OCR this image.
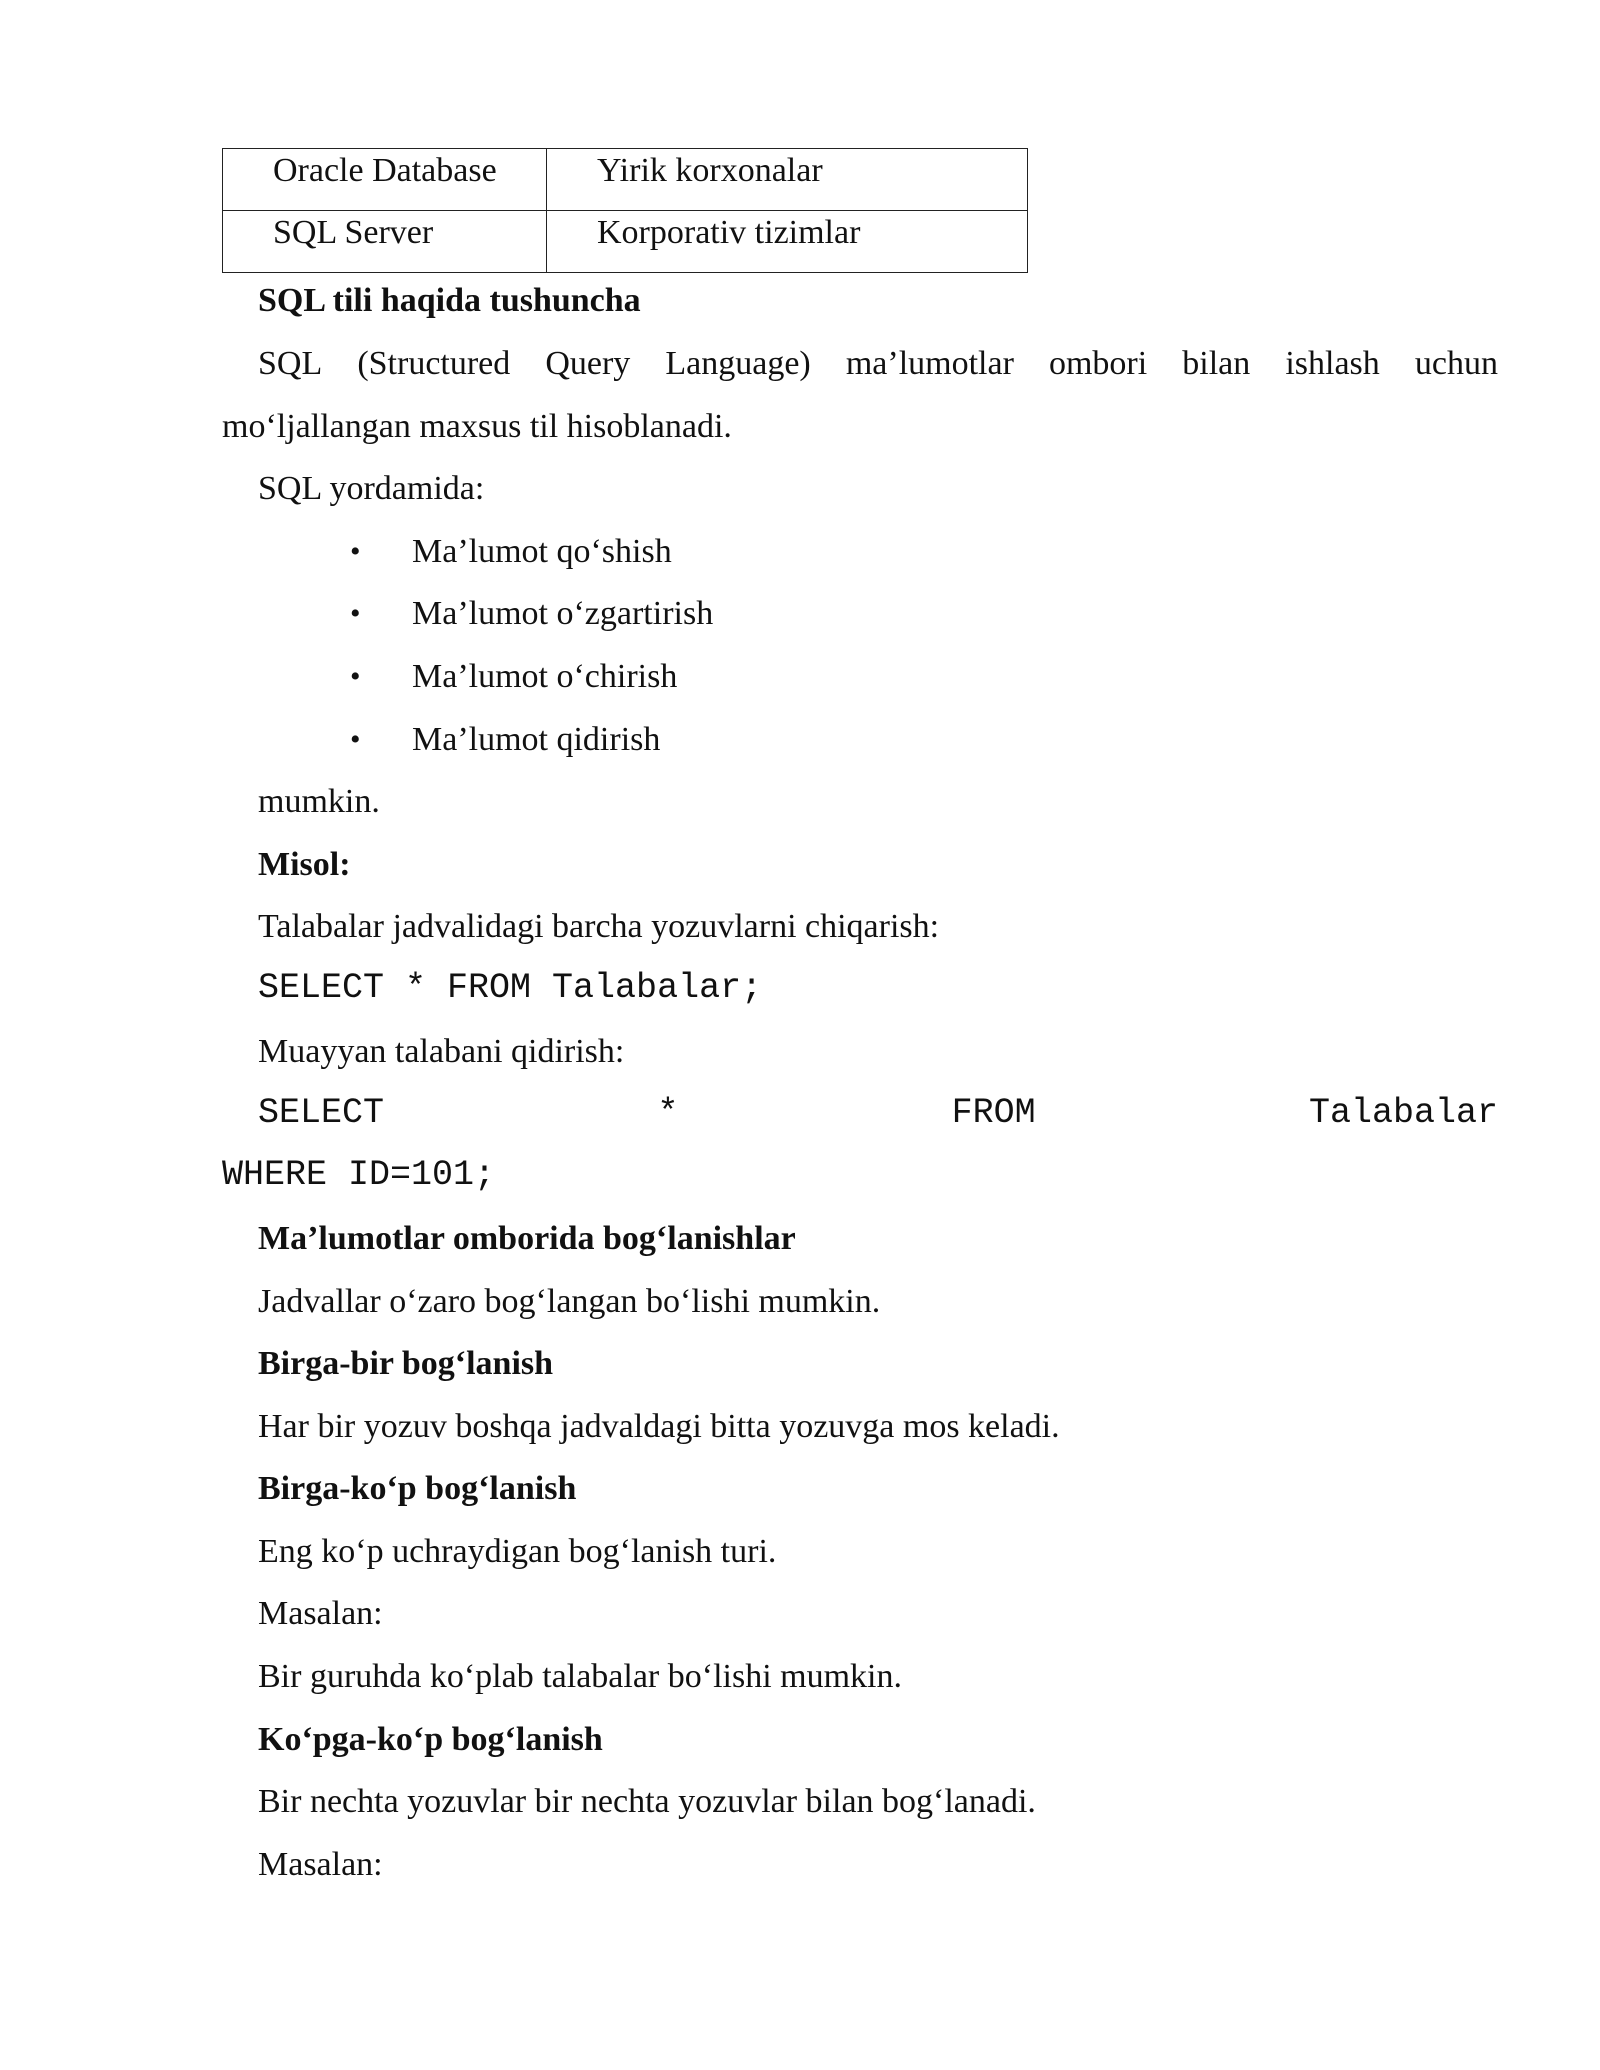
Oracle Database	Yirik korxonalar
SQL Server	Korporativ tizimlar
SQL tili haqida tushuncha
SQL (Structured Query Language) ma’lumotlar ombori bilan ishlash uchun
mo‘ljallangan maxsus til hisoblanadi.
SQL yordamida:
• Ma’lumot qo‘shish
• Ma’lumot o‘zgartirish
• Ma’lumot o‘chirish
• Ma’lumot qidirish
mumkin.
Misol:
Talabalar jadvalidagi barcha yozuvlarni chiqarish:
SELECT * FROM Talabalar;
Muayyan talabani qidirish:
SELECT	*	FROM	Talabalar
WHERE ID=101;
Ma’lumotlar omborida bog‘lanishlar
Jadvallar o‘zaro bog‘langan bo‘lishi mumkin.
Birga-bir bog‘lanish
Har bir yozuv boshqa jadvaldagi bitta yozuvga mos keladi.
Birga-ko‘p bog‘lanish
Eng ko‘p uchraydigan bog‘lanish turi.
Masalan:
Bir guruhda ko‘plab talabalar bo‘lishi mumkin.
Ko‘pga-ko‘p bog‘lanish
Bir nechta yozuvlar bir nechta yozuvlar bilan bog‘lanadi.
Masalan:
